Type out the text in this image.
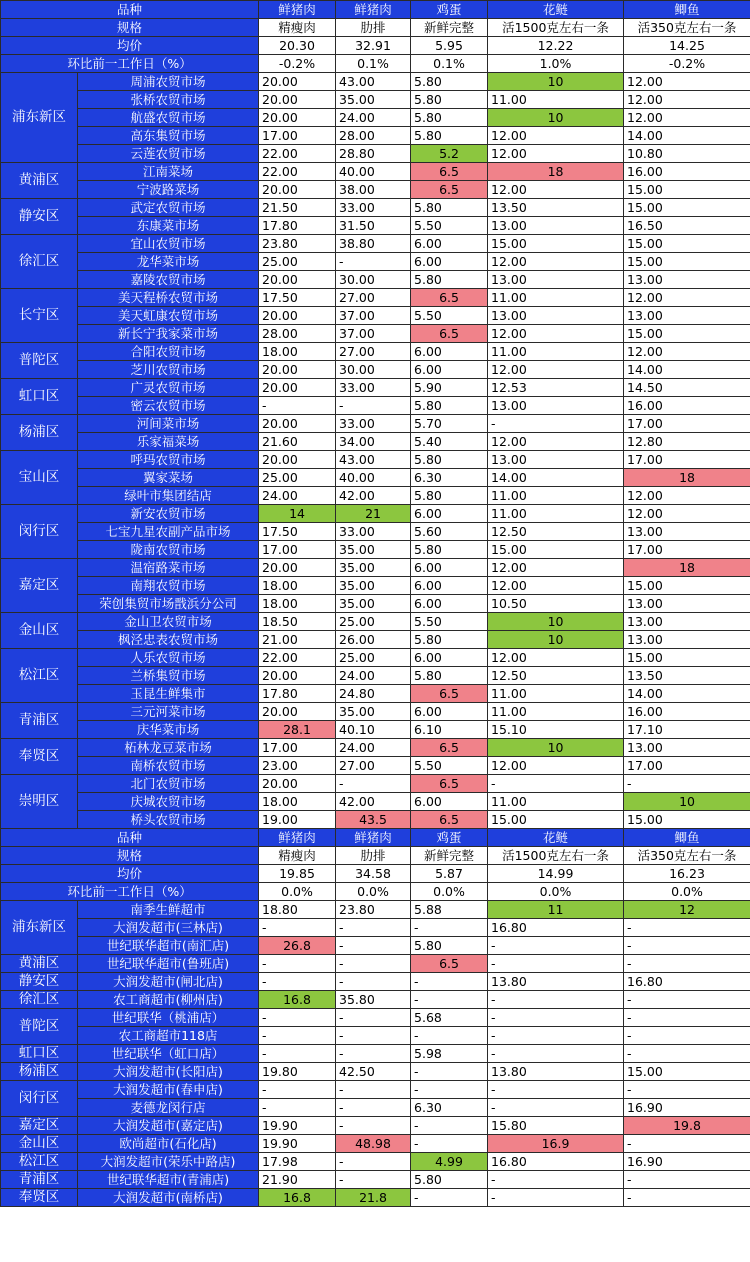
品种		鲜猪肉	鲜猪肉	鸡蛋	花鲢	鲫鱼
规格		精瘦肉	肋排	新鲜完整	活1500克左右一条	活350克左右一条
均价		20.30	32.91	5.95	12.22	14.25
环比前一工作日（%）		-0.2%	0.1%	0.1%	1.0%	-0.2%
浦东新区	周浦农贸市场	20.00	43.00	5.80	10	12.00
	张桥农贸市场	20.00	35.00	5.80	11.00	12.00
	航盛农贸市场	20.00	24.00	5.80	10	12.00
	高东集贸市场	17.00	28.00	5.80	12.00	14.00
	云莲农贸市场	22.00	28.80	5.2	12.00	10.80
黄浦区	江南菜场	22.00	40.00	6.5	18	16.00
	宁波路菜场	20.00	38.00	6.5	12.00	15.00
静安区	武定农贸市场	21.50	33.00	5.80	13.50	15.00
	东康菜市场	17.80	31.50	5.50	13.00	16.50
徐汇区	宜山农贸市场	23.80	38.80	6.00	15.00	15.00
	龙华菜市场	25.00	-	6.00	12.00	15.00
	嘉陵农贸市场	20.00	30.00	5.80	13.00	13.00
长宁区	美天程桥农贸市场	17.50	27.00	6.5	11.00	12.00
	美天虹康农贸市场	20.00	37.00	5.50	13.00	13.00
	新长宁我家菜市场	28.00	37.00	6.5	12.00	15.00
普陀区	合阳农贸市场	18.00	27.00	6.00	11.00	12.00
	芝川农贸市场	20.00	30.00	6.00	12.00	14.00
虹口区	广灵农贸市场	20.00	33.00	5.90	12.53	14.50
	密云农贸市场	-	-	5.80	13.00	16.00
杨浦区	河间菜市场	20.00	33.00	5.70	-	17.00
	乐家福菜场	21.60	34.00	5.40	12.00	12.80
宝山区	呼玛农贸市场	20.00	43.00	5.80	13.00	17.00
	翼家菜场	25.00	40.00	6.30	14.00	18
	绿叶市集团结店	24.00	42.00	5.80	11.00	12.00
闵行区	新安农贸市场	14	21	6.00	11.00	12.00
	七宝九星农副产品市场	17.50	33.00	5.60	12.50	13.00
	陇南农贸市场	17.00	35.00	5.80	15.00	17.00
嘉定区	温宿路菜市场	20.00	35.00	6.00	12.00	18
	南翔农贸市场	18.00	35.00	6.00	12.00	15.00
	荣创集贸市场戬浜分公司	18.00	35.00	6.00	10.50	13.00
金山区	金山卫农贸市场	18.50	25.00	5.50	10	13.00
	枫泾忠表农贸市场	21.00	26.00	5.80	10	13.00
松江区	人乐农贸市场	22.00	25.00	6.00	12.00	15.00
	兰桥集贸市场	20.00	24.00	5.80	12.50	13.50
	玉昆生鲜集市	17.80	24.80	6.5	11.00	14.00
青浦区	三元河菜市场	20.00	35.00	6.00	11.00	16.00
	庆华菜市场	28.1	40.10	6.10	15.10	17.10
奉贤区	柘林龙豆菜市场	17.00	24.00	6.5	10	13.00
	南桥农贸市场	23.00	27.00	5.50	12.00	17.00
崇明区	北门农贸市场	20.00	-	6.5	-	-
	庆城农贸市场	18.00	42.00	6.00	11.00	10
	桥头农贸市场	19.00	43.5	6.5	15.00	15.00
品种		鲜猪肉	鲜猪肉	鸡蛋	花鲢	鲫鱼
规格		精瘦肉	肋排	新鲜完整	活1500克左右一条	活350克左右一条
均价		19.85	34.58	5.87	14.99	16.23
环比前一工作日（%）		0.0%	0.0%	0.0%	0.0%	0.0%
浦东新区	南季生鲜超市	18.80	23.80	5.88	11	12
	大润发超市(三林店)	-	-	-	16.80	-
	世纪联华超市(南汇店)	26.8	-	5.80	-	-
黄浦区	世纪联华超市(鲁班店)	-	-	6.5	-	-
静安区	大润发超市(闸北店)	-	-	-	13.80	16.80
徐汇区	农工商超市(柳州店)	16.8	35.80	-	-	-
普陀区	世纪联华（桃浦店）	-	-	5.68	-	-
	农工商超市118店	-	-	-	-	-
虹口区	世纪联华（虹口店）	-	-	5.98	-	-
杨浦区	大润发超市(长阳店)	19.80	42.50	-	13.80	15.00
闵行区	大润发超市(春申店)	-	-	-	-	-
	麦德龙闵行店	-	-	6.30	-	16.90
嘉定区	大润发超市(嘉定店)	19.90	-	-	15.80	19.8
金山区	欧尚超市(石化店)	19.90	48.98	-	16.9	-
松江区	大润发超市(荣乐中路店)	17.98	-	4.99	16.80	16.90
青浦区	世纪联华超市(青浦店)	21.90	-	5.80	-	-
奉贤区	大润发超市(南桥店)	16.8	21.8	-	-	-
